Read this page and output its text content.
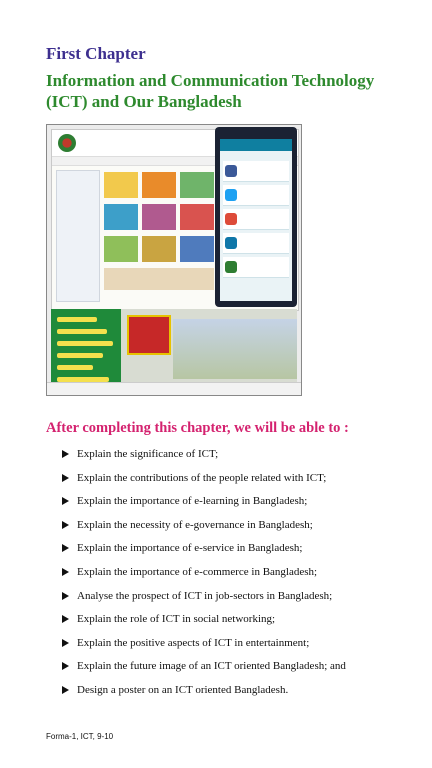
First Chapter
Information and Communication Technology (ICT) and Our Bangladesh
After completing this chapter, we will be able to :
Explain the significance of ICT;
Explain the contributions of the people related with ICT;
Explain the importance of e-learning in Bangladesh;
Explain the necessity of e-governance in Bangladesh;
Explain the importance of e-service in Bangladesh;
Explain the importance of e-commerce in Bangladesh;
Analyse the prospect of ICT in job-sectors in Bangladesh;
Explain the role of ICT in social networking;
Explain the positive aspects of ICT in entertainment;
Explain the future image of an ICT oriented Bangladesh; and
Design a poster on an ICT oriented Bangladesh.
Forma-1, ICT, 9-10
